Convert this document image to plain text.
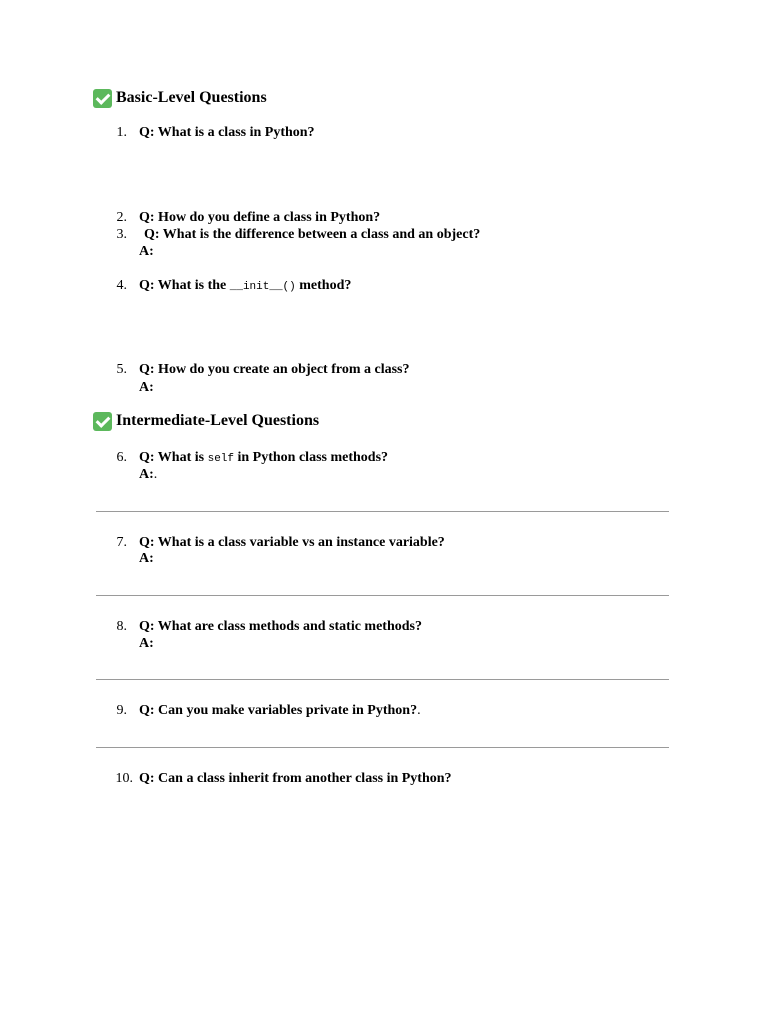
Basic-Level Questions
1. Q: What is a class in Python?
2. Q: How do you define a class in Python?
3. Q: What is the difference between a class and an object?
A:
4. Q: What is the __init__() method?
5. Q: How do you create an object from a class?
A:
Intermediate-Level Questions
6. Q: What is self in Python class methods?
A:.
7. Q: What is a class variable vs an instance variable?
A:
8. Q: What are class methods and static methods?
A:
9. Q: Can you make variables private in Python?.
10. Q: Can a class inherit from another class in Python?
